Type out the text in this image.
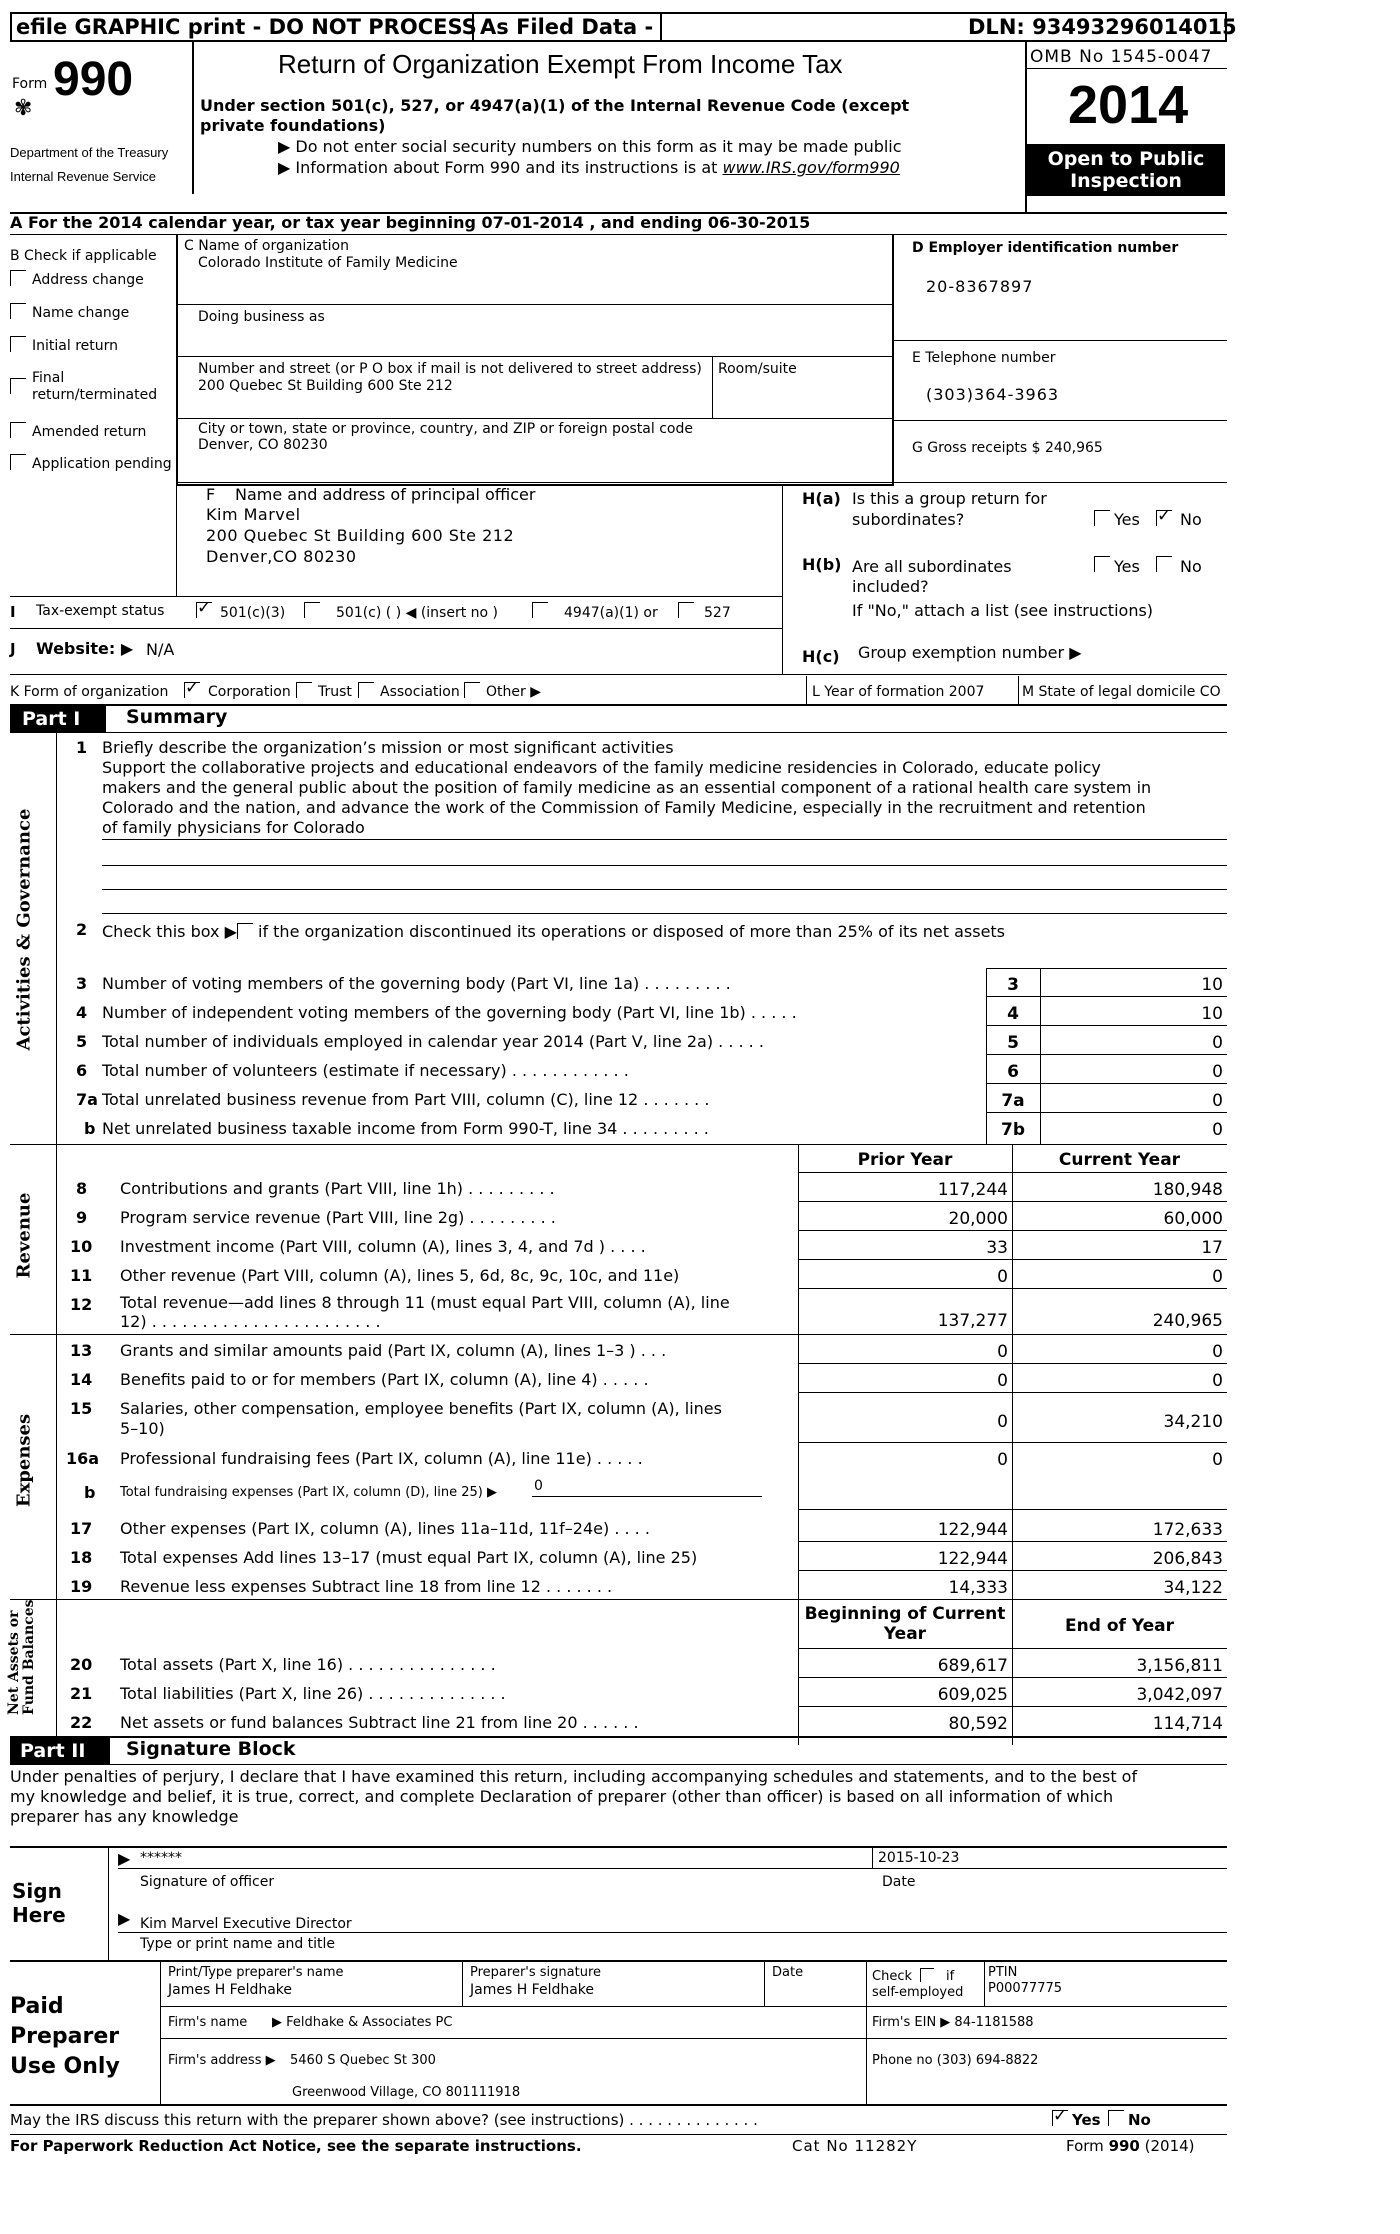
efile GRAPHIC print - DO NOT PROCESS As Filed Data -	DLN: 93493296014015
Form 990
✾
Department of the Treasury
Internal Revenue Service
Return of Organization Exempt From Income Tax
Under section 501(c), 527, or 4947(a)(1) of the Internal Revenue Code (except private foundations)
▶ Do not enter social security numbers on this form as it may be made public
▶ Information about Form 990 and its instructions is at www.IRS.gov/form990
OMB No 1545-0047
2014
Open to Public
Inspection
A For the 2014 calendar year, or tax year beginning 07-01-2014 , and ending 06-30-2015
B Check if applicable
Address change
Name change
Initial return
Final
return/terminated
Amended return
Application pending
C Name of organization
Colorado Institute of Family Medicine
Doing business as
Number and street (or P O box if mail is not delivered to street address) Room/suite
200 Quebec St Building 600 Ste 212
City or town, state or province, country, and ZIP or foreign postal code
Denver, CO 80230
D Employer identification number
20-8367897
E Telephone number
(303)364-3963
G Gross receipts $ 240,965
F Name and address of principal officer
Kim Marvel
200 Quebec St Building 600 Ste 212
Denver,CO 80230
H(a) Is this a group return for
subordinates?	Yes ✓ No
H(b) Are all subordinates
included?
Yes	No
If "No," attach a list (see instructions)
I Tax-exempt status ✓ 501(c)(3)	501(c) ( ) ◀ (insert no )	4947(a)(1) or	527
J Website: ▶ N/A	H(c) Group exemption number ▶
K Form of organization ✓ Corporation Trust Association Other ▶	L Year of formation 2007	M State of legal domicile CO
Part I	Summary
Activities & Governance
Revenue
Expenses
Net Assets or Fund Balances
1 Briefly describe the organization’s mission or most significant activities
Support the collaborative projects and educational endeavors of the family medicine residencies in Colorado, educate policy
makers and the general public about the position of family medicine as an essential component of a rational health care system in
Colorado and the nation, and advance the work of the Commission of Family Medicine, especially in the recruitment and retention
of family physicians for Colorado
2 Check this box ▶ if the organization discontinued its operations or disposed of more than 25% of its net assets
3 Number of voting members of the governing body (Part VI, line 1a) . . . . . . . . .	3	10
4 Number of independent voting members of the governing body (Part VI, line 1b) . . . . .	4	10
5 Total number of individuals employed in calendar year 2014 (Part V, line 2a) . . . . .	5	0
6 Total number of volunteers (estimate if necessary) . . . . . . . . . . . .	6	0
7a Total unrelated business revenue from Part VIII, column (C), line 12 . . . . . . .	7a	0
b Net unrelated business taxable income from Form 990-T, line 34 . . . . . . . . .	7b	0
Prior Year	Current Year
8 Contributions and grants (Part VIII, line 1h) . . . . . . . . .	117,244	180,948
9 Program service revenue (Part VIII, line 2g) . . . . . . . . .	20,000	60,000
10 Investment income (Part VIII, column (A), lines 3, 4, and 7d ) . . . .	33	17
11 Other revenue (Part VIII, column (A), lines 5, 6d, 8c, 9c, 10c, and 11e)	0	0
12 Total revenue—add lines 8 through 11 (must equal Part VIII, column (A), line
12) . . . . . . . . . . . . . . . . . . . . . . .	137,277	240,965
13 Grants and similar amounts paid (Part IX, column (A), lines 1–3 ) . . .	0	0
14 Benefits paid to or for members (Part IX, column (A), line 4) . . . . .	0	0
15 Salaries, other compensation, employee benefits (Part IX, column (A), lines
5–10)	0	34,210
16a Professional fundraising fees (Part IX, column (A), line 11e) . . . . .	0	0
b Total fundraising expenses (Part IX, column (D), line 25) ▶	0
17 Other expenses (Part IX, column (A), lines 11a–11d, 11f–24e) . . . .	122,944	172,633
18 Total expenses Add lines 13–17 (must equal Part IX, column (A), line 25)	122,944	206,843
19 Revenue less expenses Subtract line 18 from line 12 . . . . . . .	14,333	34,122
Beginning of Current
Year	End of Year
20 Total assets (Part X, line 16) . . . . . . . . . . . . . . .	689,617	3,156,811
21 Total liabilities (Part X, line 26) . . . . . . . . . . . . . .	609,025	3,042,097
22 Net assets or fund balances Subtract line 21 from line 20 . . . . . .	80,592	114,714
Part II	Signature Block
Under penalties of perjury, I declare that I have examined this return, including accompanying schedules and statements, and to the best of
my knowledge and belief, it is true, correct, and complete Declaration of preparer (other than officer) is based on all information of which
preparer has any knowledge
Sign
Here
▶ ******	2015-10-23
Signature of officer	Date
▶ Kim Marvel Executive Director
Type or print name and title
Paid
Preparer
Use Only
Print/Type preparer's name
James H Feldhake
Preparer's signature
James H Feldhake
Date	Check	if
self-employed
PTIN
P00077775
Firm's name ▶ Feldhake & Associates PC	Firm's EIN ▶ 84-1181588
Firm's address ▶ 5460 S Quebec St 300
Greenwood Village, CO 801111918
Phone no (303) 694-8822
May the IRS discuss this return with the preparer shown above? (see instructions) . . . . . . . . . . . . . .	✓ Yes No
For Paperwork Reduction Act Notice, see the separate instructions.	Cat No 11282Y	Form 990 (2014)
